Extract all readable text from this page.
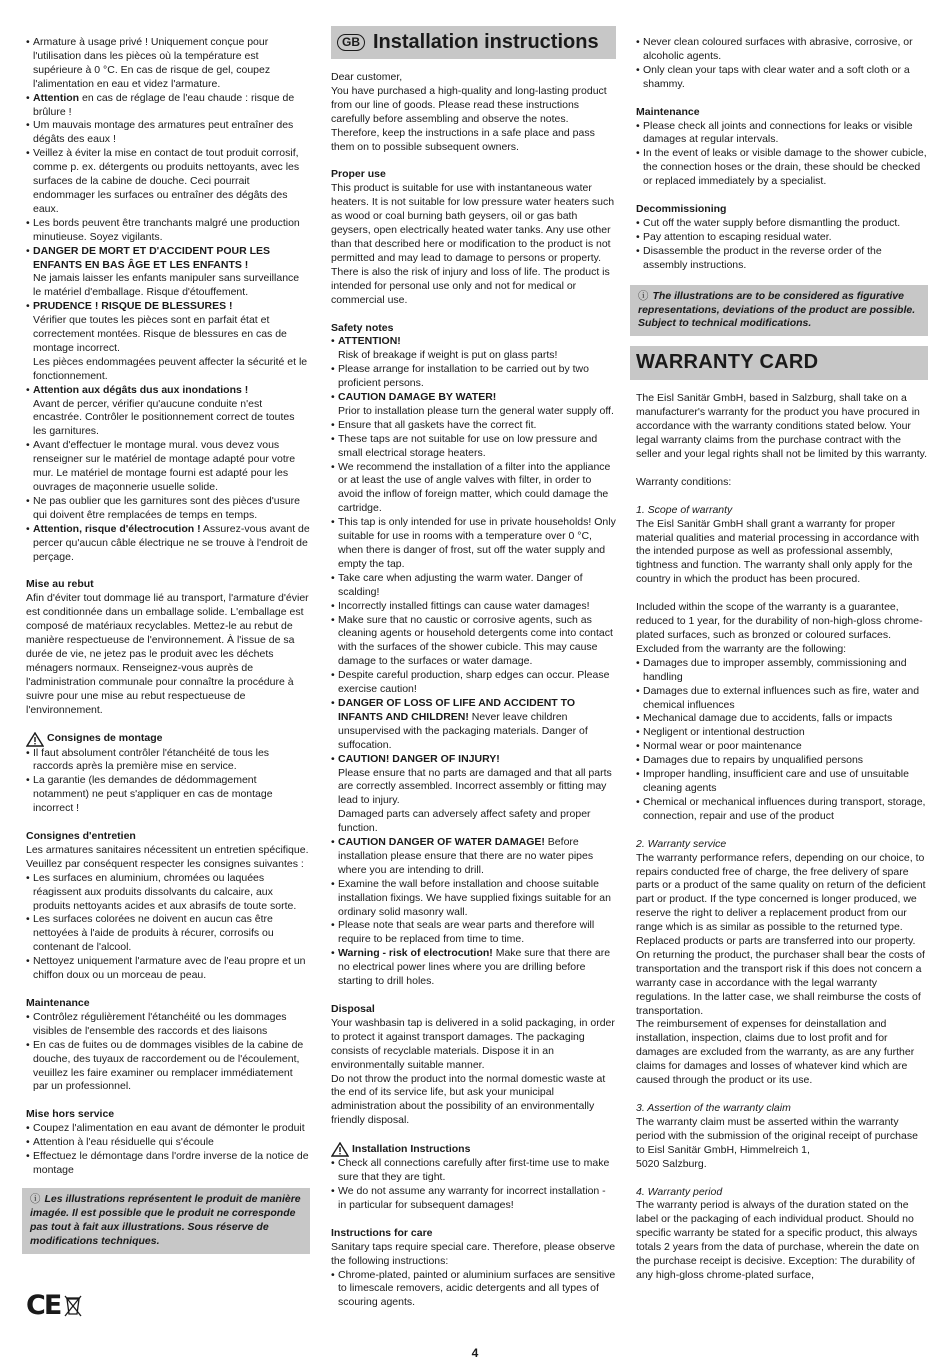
• Armature à usage privé ! Uniquement conçue pour l'utilisation dans les pièces où la température est supérieure à 0 °C. En cas de risque de gel, coupez l'alimentation en eau et videz l'armature.
• Attention en cas de réglage de l'eau chaude : risque de brûlure !
• Um mauvais montage des armatures peut entraîner des dégâts des eaux !
• Veillez à éviter la mise en contact de tout produit corrosif, comme p. ex. détergents ou produits nettoyants, avec les surfaces de la cabine de douche. Ceci pourrait endommager les surfaces ou entraîner des dégâts des eaux.
• Les bords peuvent être tranchants malgré une production minutieuse. Soyez vigilants.
• DANGER DE MORT ET D'ACCIDENT POUR LES ENFANTS EN BAS ÂGE ET LES ENFANTS !
Ne jamais laisser les enfants manipuler sans surveillance le matériel d'emballage. Risque d'étouffement.
• PRUDENCE ! RISQUE DE BLESSURES !
Vérifier que toutes les pièces sont en parfait état et correctement montées. Risque de blessures en cas de montage incorrect.
Les pièces endommagées peuvent affecter la sécurité et le fonctionnement.
• Attention aux dégâts dus aux inondations !
Avant de percer, vérifier qu'aucune conduite n'est encastrée. Contrôler le positionnement correct de toutes les garnitures.
• Avant d'effectuer le montage mural. vous devez vous renseigner sur le matériel de montage adapté pour votre mur. Le matériel de montage fourni est adapté pour les ouvrages de maçonnerie usuelle solide.
• Ne pas oublier que les garnitures sont des pièces d'usure qui doivent être remplacées de temps en temps.
• Attention, risque d'électrocution ! Assurez-vous avant de percer qu'aucun câble électrique ne se trouve à l'endroit de perçage.

Mise au rebut

Afin d'éviter tout dommage lié au transport, l'armature d'évier est conditionnée dans un emballage solide. L'emballage est composé de matériaux recyclables. Mettez-le au rebut de manière respectueuse de l'environnement. À l'issue de sa durée de vie, ne jetez pas le produit avec les déchets ménagers normaux. Renseignez-vous auprès de l'administration communale pour connaître la procédure à suivre pour une mise au rebut respectueuse de l'environnement.

Consignes de montage

• Il faut absolument contrôler l'étanchéité de tous les raccords après la première mise en service.
• La garantie (les demandes de dédommagement notamment) ne peut s'appliquer en cas de montage incorrect !

Consignes d'entretien

Les armatures sanitaires nécessitent un entretien spécifique. Veuillez par conséquent respecter les consignes suivantes :

• Les surfaces en aluminium, chromées ou laquées réagissent aux produits dissolvants du calcaire, aux produits nettoyants acides et aux abrasifs de toute sorte.
• Les surfaces colorées ne doivent en aucun cas être nettoyées à l'aide de produits à récurer, corrosifs ou contenant de l'alcool.
• Nettoyez uniquement l'armature avec de l'eau propre et un chiffon doux ou un morceau de peau.

Maintenance

• Contrôlez régulièrement l'étanchéité ou les dommages visibles de l'ensemble des raccords et des liaisons
• En cas de fuites ou de dommages visibles de la cabine de douche, des tuyaux de raccordement ou de l'écoulement, veuillez les faire examiner ou remplacer immédiatement par un professionnel.

Mise hors service

• Coupez l'alimentation en eau avant de démonter le produit
• Attention à l'eau résiduelle qui s'écoule
• Effectuez le démontage dans l'ordre inverse de la notice de montage
ⓘ Les illustrations représentent le produit de manière imagée. Il est possible que le produit ne corresponde pas tout à fait aux illustrations. Sous réserve de modifications techniques.
CE
GB Installation instructions

Dear customer,

You have purchased a high-quality and long-lasting product from our line of goods. Please read these instructions carefully before assembling and observe the notes.

Therefore, keep the instructions in a safe place and pass them on to possible subsequent owners.

Proper use

This product is suitable for use with instantaneous water heaters. It is not suitable for low pressure water heaters such as wood or coal burning bath geysers, oil or gas bath geysers, open electrically heated water tanks. Any use other than that described here or modification to the product is not permitted and may lead to damage to persons or property. There is also the risk of injury and loss of life. The product is intended for personal use only and not for medical or commercial use.

Safety notes

• ATTENTION!
Risk of breakage if weight is put on glass parts!
• Please arrange for installation to be carried out by two proficient persons.
• CAUTION DAMAGE BY WATER!
Prior to installation please turn the general water supply off.
• Ensure that all gaskets have the correct fit.
• These taps are not suitable for use on low pressure and small electrical storage heaters.
• We recommend the installation of a filter into the appliance or at least the use of angle valves with filter, in order to avoid the inflow of foreign matter, which could damage the cartridge.
• This tap is only intended for use in private households! Only suitable for use in rooms with a temperature over 0 °C, when there is danger of frost, sut off the water supply and empty the tap.
• Take care when adjusting the warm water. Danger of scalding!
• Incorrectly installed fittings can cause water damages!
• Make sure that no caustic or corrosive agents, such as cleaning agents or household detergents come into contact with the surfaces of the shower cubicle. This may cause damage to the surfaces or water damage.
• Despite careful production, sharp edges can occur. Please exercise caution!
• DANGER OF LOSS OF LIFE AND ACCIDENT TO INFANTS AND CHILDREN! Never leave children unsupervised with the packaging materials. Danger of suffocation.
• CAUTION! DANGER OF INJURY!
Please ensure that no parts are damaged and that all parts are correctly assembled. Incorrect assembly or fitting may lead to injury.
Damaged parts can adversely affect safety and proper function.
• CAUTION DANGER OF WATER DAMAGE! Before installation please ensure that there are no water pipes where you are intending to drill.
• Examine the wall before installation and choose suitable installation fixings. We have supplied fixings suitable for an ordinary solid masonry wall.
• Please note that seals are wear parts and therefore will require to be replaced from time to time.
• Warning - risk of electrocution! Make sure that there are no electrical power lines where you are drilling before starting to drill holes.

Disposal

Your washbasin tap is delivered in a solid packaging, in order to protect it against transport damages. The packaging consists of recyclable materials. Dispose it in an environmentally suitable manner.

Do not throw the product into the normal domestic waste at the end of its service life, but ask your municipal administration about the possibility of an environmentally friendly disposal.

Installation Instructions

• Check all connections carefully after first-time use to make sure that they are tight.
• We do not assume any warranty for incorrect installation - in particular for subsequent damages!

Instructions for care

Sanitary taps require special care. Therefore, please observe the following instructions:

• Chrome-plated, painted or aluminium surfaces are sensitive to limescale removers, acidic detergents and all types of scouring agents.
• Never clean coloured surfaces with abrasive, corrosive, or alcoholic agents.
• Only clean your taps with clear water and a soft cloth or a shammy.

Maintenance

• Please check all joints and connections for leaks or visible damages at regular intervals.
• In the event of leaks or visible damage to the shower cubicle, the connection hoses or the drain, these should be checked or replaced immediately by a specialist.

Decommissioning

• Cut off the water supply before dismantling the product.
• Pay attention to escaping residual water.
• Disassemble the product in the reverse order of the assembly instructions.
ⓘ The illustrations are to be considered as figurative representations, deviations of the product are possible. Subject to technical modifications.
WARRANTY CARD

The Eisl Sanitär GmbH, based in Salzburg, shall take on a manufacturer's warranty for the product you have procured in accordance with the warranty conditions stated below. Your legal warranty claims from the purchase contract with the seller and your legal rights shall not be limited by this warranty.

Warranty conditions:

1. Scope of warranty

The Eisl Sanitär GmbH shall grant a warranty for proper material qualities and material processing in accordance with the intended purpose as well as professional assembly, tightness and function. The warranty shall only apply for the country in which the product has been procured.

Included within the scope of the warranty is a guarantee, reduced to 1 year, for the durability of non-high-gloss chrome-plated surfaces, such as bronzed or coloured surfaces.

Excluded from the warranty are the following:

• Damages due to improper assembly, commissioning and handling
• Damages due to external influences such as fire, water and chemical influences
• Mechanical damage due to accidents, falls or impacts
• Negligent or intentional destruction
• Normal wear or poor maintenance
• Damages due to repairs by unqualified persons
• Improper handling, insufficient care and use of unsuitable cleaning agents
• Chemical or mechanical influences during transport, storage, connection, repair and use of the product

2. Warranty service

The warranty performance refers, depending on our choice, to repairs conducted free of charge, the free delivery of spare parts or a product of the same quality on return of the deficient part or product. If the type concerned is longer produced, we reserve the right to deliver a replacement product from our range which is as similar as possible to the returned type.

Replaced products or parts are transferred into our property. On returning the product, the purchaser shall bear the costs of transportation and the transport risk if this does not concern a warranty case in accordance with the legal warranty regulations. In the latter case, we shall reimburse the costs of transportation.

The reimbursement of expenses for deinstallation and installation, inspection, claims due to lost profit and for damages are excluded from the warranty, as are any further claims for damages and losses of whatever kind which are caused through the product or its use.

3. Assertion of the warranty claim

The warranty claim must be asserted within the warranty period with the submission of the original receipt of purchase to Eisl Sanitär GmbH, Himmelreich 1,

5020 Salzburg.

4. Warranty period

The warranty period is always of the duration stated on the label or the packaging of each individual product. Should no specific warranty be stated for a specific product, this always totals 2 years from the data of purchase, wherein the date on the purchase receipt is decisive. Exception: The durability of any high-gloss chrome-plated surface,

4
